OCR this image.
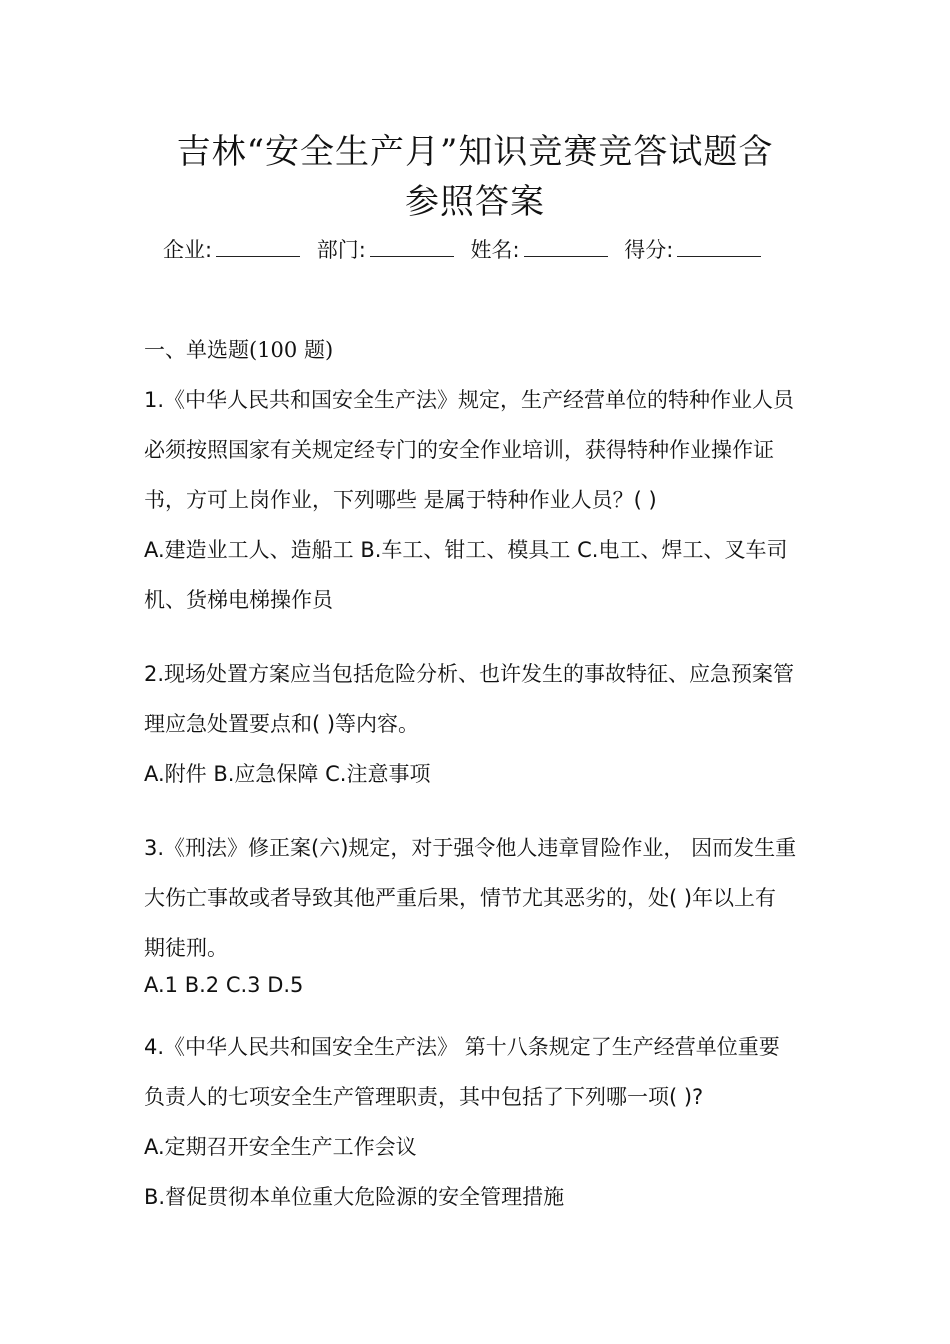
吉林“安全生产月”知识竞赛竞答试题含
参照答案
企业:	部门:	姓名:	得分:
一、单选题(100 题)
1.《中华人民共和国安全生产法》规定，生产经营单位的特种作业人员
必须按照国家有关规定经专门的安全作业培训，获得特种作业操作证
书，方可上岗作业，下列哪些 是属于特种作业人员？( )
A.建造业工人、造船工 B.车工、钳工、模具工 C.电工、焊工、叉车司
机、货梯电梯操作员
2.现场处置方案应当包括危险分析、也许发生的事故特征、应急预案管
理应急处置要点和( )等内容。
A.附件 B.应急保障 C.注意事项
3.《刑法》修正案(六)规定，对于强令他人违章冒险作业， 因而发生重
大伤亡事故或者导致其他严重后果，情节尤其恶劣的，处( )年以上有
期徒刑。
A.1 B.2 C.3 D.5
4.《中华人民共和国安全生产法》 第十八条规定了生产经营单位重要
负责人的七项安全生产管理职责，其中包括了下列哪一项( )?
A.定期召开安全生产工作会议
B.督促贯彻本单位重大危险源的安全管理措施
